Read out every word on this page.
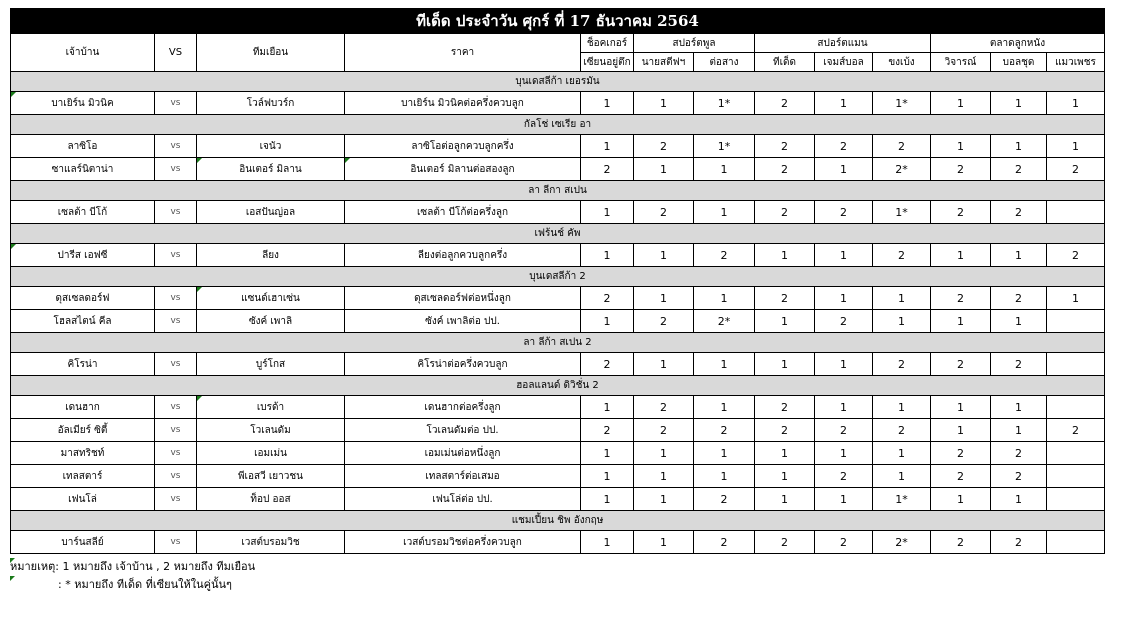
ทีเด็ด ประจำวัน ศุกร์ ที่ 17 ธันวาคม 2564												
เจ้าบ้าน	VS	ทีมเยือน	ราคา	ช็อคเกอร์	สปอร์ตพูล		สปอร์ตแมน			ตลาดลูกหนัง		
				เซียนอยู่ตึก	นายสตีฟฯ	ต่อสาง	ทีเด็ด	เจมส์บอล	ขงเบ้ง	วิจารณ์	บอลชุด	แมวเพชร
บุนเดสลีก้า เยอรมัน												
บาเยิร์น มิวนิค	vs	โวล์ฟบวร์ก	บาเยิร์น มิวนิคต่อครึ่งควบลูก	1	1	1*	2	1	1*	1	1	1
กัลโช่ เซเรีย อา												
ลาซิโอ	vs	เจนัว	ลาซิโอต่อลูกควบลูกครึ่ง	1	2	1*	2	2	2	1	1	1
ซาแลร์นิตาน่า	vs	อินเตอร์ มิลาน	อินเตอร์ มิลานต่อสองลูก	2	1	1	2	1	2*	2	2	2
ลา ลีกา สเปน												
เซลต้า บีโก้	vs	เอสปันญ่อล	เซลต้า บีโก้ต่อครึ่งลูก	1	2	1	2	2	1*	2	2	
เฟร้นช์ คัพ												
ปารีส เอฟซี	vs	ลียง	ลียงต่อลูกควบลูกครึ่ง	1	1	2	1	1	2	1	1	2
บุนเดสลีก้า 2												
ดุสเซลดอร์ฟ	vs	แซนด์เฮาเซ่น	ดุสเซลดอร์ฟต่อหนึ่งลูก	2	1	1	2	1	1	2	2	1
โฮลสไตน์ คีล	vs	ซังค์ เพาลิ	ซังค์ เพาลิต่อ ปป.	1	2	2*	1	2	1	1	1	
ลา ลีก้า สเปน 2												
คิโรน่า	vs	บูร์โกส	คิโรน่าต่อครึ่งควบลูก	2	1	1	1	1	2	2	2	
ฮอลแลนด์ ดิวิชั่น 2												
เดนฮาก	vs	เบรด้า	เดนฮากต่อครึ่งลูก	1	2	1	2	1	1	1	1	
อัลเมียร์ ซิตี้	vs	โวเลนดัม	โวเลนดัมต่อ ปป.	2	2	2	2	2	2	1	1	2
มาสทริชท์	vs	เอมเม่น	เอมเม่นต่อหนึ่งลูก	1	1	1	1	1	1	2	2	
เทลสตาร์	vs	พีเอสวี เยาวชน	เทลสตาร์ต่อเสมอ	1	1	1	1	2	1	2	2	
เฟนโล่	vs	ท็อป ออส	เฟนโล่ต่อ ปป.	1	1	2	1	1	1*	1	1	
แชมเปี้ยน ชิพ อังกฤษ												
บาร์นสลีย์	vs	เวสต์บรอมวิช	เวสต์บรอมวิชต่อครึ่งควบลูก	1	1	2	2	2	2*	2	2	
หมายเหตุ: 1 หมายถึง เจ้าบ้าน , 2 หมายถึง ทีมเยือน
: * หมายถึง ทีเด็ด ที่เซียนให้ในคู่นั้นๆ
